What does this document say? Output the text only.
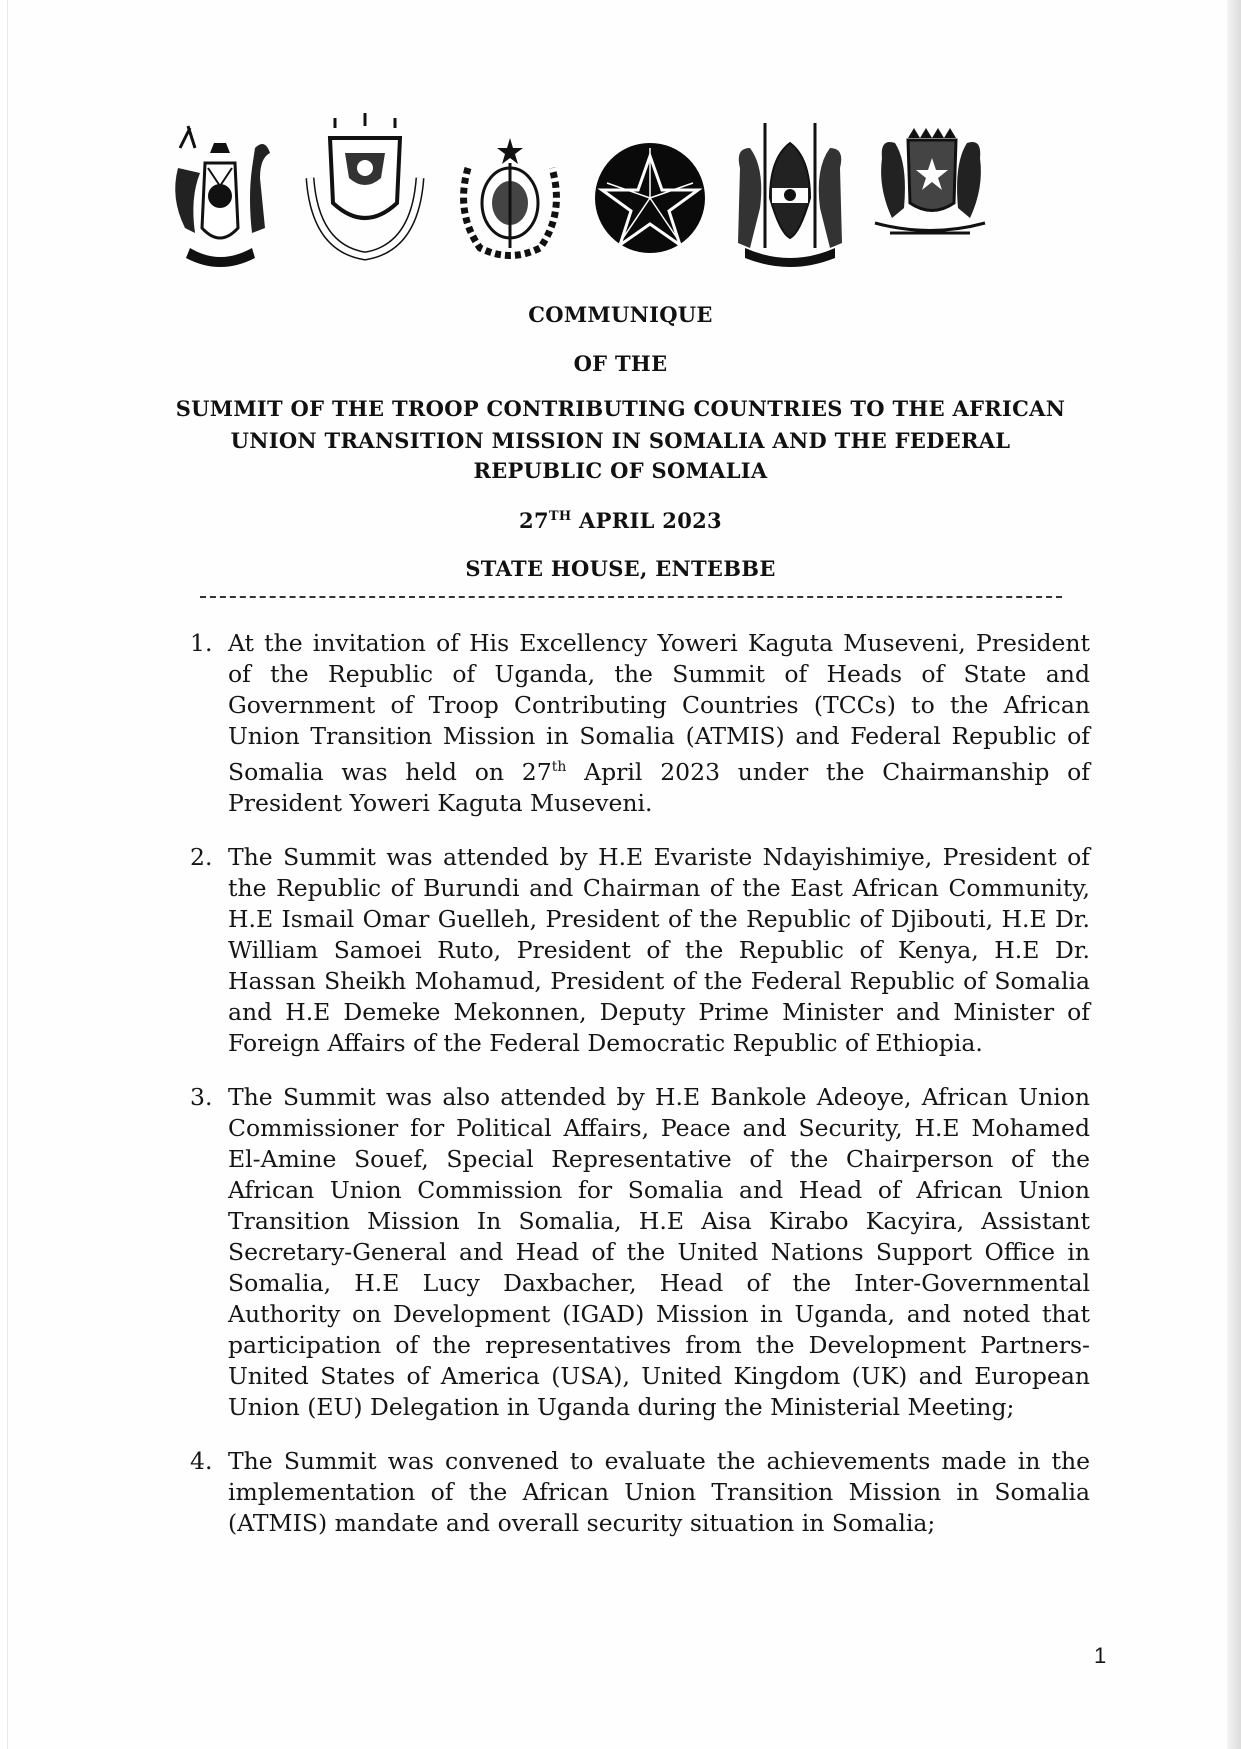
COMMUNIQUE
OF THE
SUMMIT OF THE TROOP CONTRIBUTING COUNTRIES TO THE AFRICAN
UNION TRANSITION MISSION IN SOMALIA AND THE FEDERAL
REPUBLIC OF SOMALIA
27TH APRIL 2023
STATE HOUSE, ENTEBBE
1. At the invitation of His Excellency Yoweri Kaguta Museveni, President of the Republic of Uganda, the Summit of Heads of State and Government of Troop Contributing Countries (TCCs) to the African Union Transition Mission in Somalia (ATMIS) and Federal Republic of Somalia was held on 27th April 2023 under the Chairmanship of President Yoweri Kaguta Museveni.
2. The Summit was attended by H.E Evariste Ndayishimiye, President of the Republic of Burundi and Chairman of the East African Community, H.E Ismail Omar Guelleh, President of the Republic of Djibouti, H.E Dr. William Samoei Ruto, President of the Republic of Kenya, H.E Dr. Hassan Sheikh Mohamud, President of the Federal Republic of Somalia and H.E Demeke Mekonnen, Deputy Prime Minister and Minister of Foreign Affairs of the Federal Democratic Republic of Ethiopia.
3. The Summit was also attended by H.E Bankole Adeoye, African Union Commissioner for Political Affairs, Peace and Security, H.E Mohamed El-Amine Souef, Special Representative of the Chairperson of the African Union Commission for Somalia and Head of African Union Transition Mission In Somalia, H.E Aisa Kirabo Kacyira, Assistant Secretary-General and Head of the United Nations Support Office in Somalia, H.E Lucy Daxbacher, Head of the Inter-Governmental Authority on Development (IGAD) Mission in Uganda, and noted that participation of the representatives from the Development Partners-United States of America (USA), United Kingdom (UK) and European Union (EU) Delegation in Uganda during the Ministerial Meeting;
4. The Summit was convened to evaluate the achievements made in the implementation of the African Union Transition Mission in Somalia (ATMIS) mandate and overall security situation in Somalia;
1
